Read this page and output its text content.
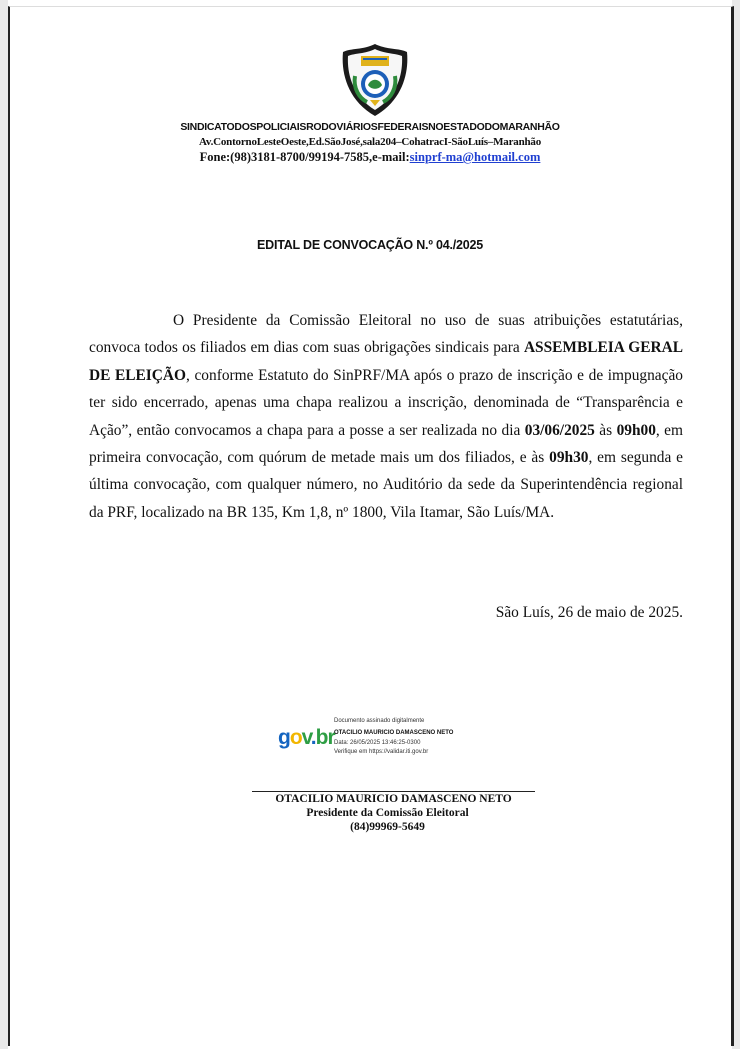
SINDICATODOSPOLICIAISRODOVIÁRIOSFEDERAISNOESTADODOMARANHÃO
Av.ContornoLesteOeste,Ed.SãoJosé,sala204–CohatracI-SãoLuís–Maranhão
Fone:(98)3181-8700/99194-7585,e-mail:sinprf-ma@hotmail.com
EDITAL DE CONVOCAÇÃO N.º 04./2025
O Presidente da Comissão Eleitoral no uso de suas atribuições estatutárias, convoca todos os filiados em dias com suas obrigações sindicais para ASSEMBLEIA GERAL DE ELEIÇÃO, conforme Estatuto do SinPRF/MA após o prazo de inscrição e de impugnação ter sido encerrado, apenas uma chapa realizou a inscrição, denominada de “Transparência e Ação”, então convocamos a chapa para a posse a ser realizada no dia 03/06/2025 às 09h00, em primeira convocação, com quórum de metade mais um dos filiados, e às 09h30, em segunda e última convocação, com qualquer número, no Auditório da sede da Superintendência regional da PRF, localizado na BR 135, Km 1,8, nº 1800, Vila Itamar, São Luís/MA.
São Luís, 26 de maio de 2025.
gov.br
Documento assinado digitalmente
OTACILIO MAURICIO DAMASCENO NETO
Data: 26/05/2025 13:46:25-0300
Verifique em https://validar.iti.gov.br
OTACILIO MAURICIO DAMASCENO NETO
Presidente da Comissão Eleitoral
(84)99969-5649
